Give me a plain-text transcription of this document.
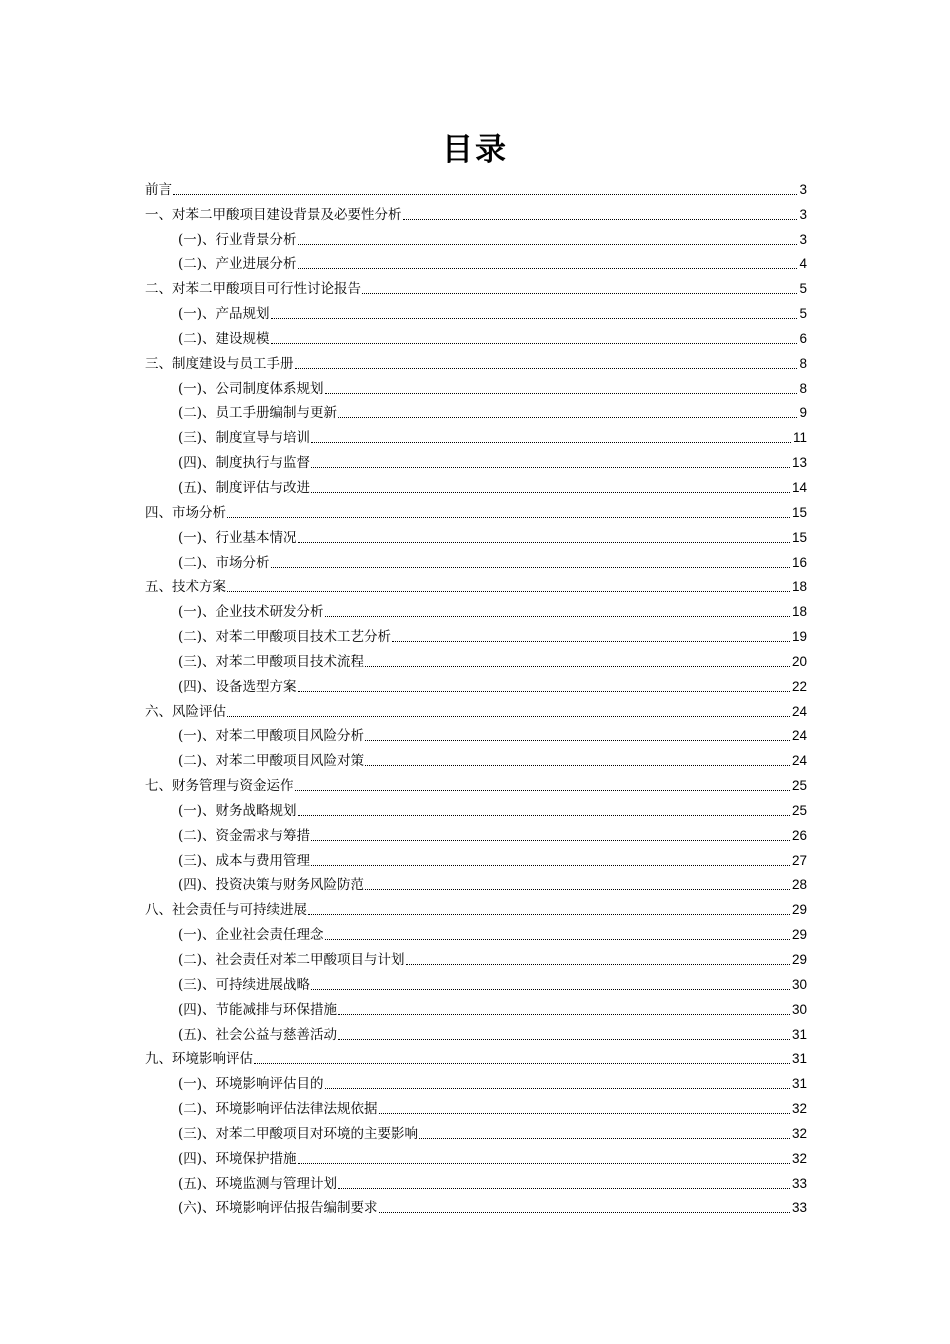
目录
前言	3
一、对苯二甲酸项目建设背景及必要性分析	3
(一)、行业背景分析	3
(二)、产业进展分析	4
二、对苯二甲酸项目可行性讨论报告	5
(一)、产品规划	5
(二)、建设规模	6
三、制度建设与员工手册	8
(一)、公司制度体系规划	8
(二)、员工手册编制与更新	9
(三)、制度宣导与培训	11
(四)、制度执行与监督	13
(五)、制度评估与改进	14
四、市场分析	15
(一)、行业基本情况	15
(二)、市场分析	16
五、技术方案	18
(一)、企业技术研发分析	18
(二)、对苯二甲酸项目技术工艺分析	19
(三)、对苯二甲酸项目技术流程	20
(四)、设备选型方案	22
六、风险评估	24
(一)、对苯二甲酸项目风险分析	24
(二)、对苯二甲酸项目风险对策	24
七、财务管理与资金运作	25
(一)、财务战略规划	25
(二)、资金需求与筹措	26
(三)、成本与费用管理	27
(四)、投资决策与财务风险防范	28
八、社会责任与可持续进展	29
(一)、企业社会责任理念	29
(二)、社会责任对苯二甲酸项目与计划	29
(三)、可持续进展战略	30
(四)、节能减排与环保措施	30
(五)、社会公益与慈善活动	31
九、环境影响评估	31
(一)、环境影响评估目的	31
(二)、环境影响评估法律法规依据	32
(三)、对苯二甲酸项目对环境的主要影响	32
(四)、环境保护措施	32
(五)、环境监测与管理计划	33
(六)、环境影响评估报告编制要求	33
